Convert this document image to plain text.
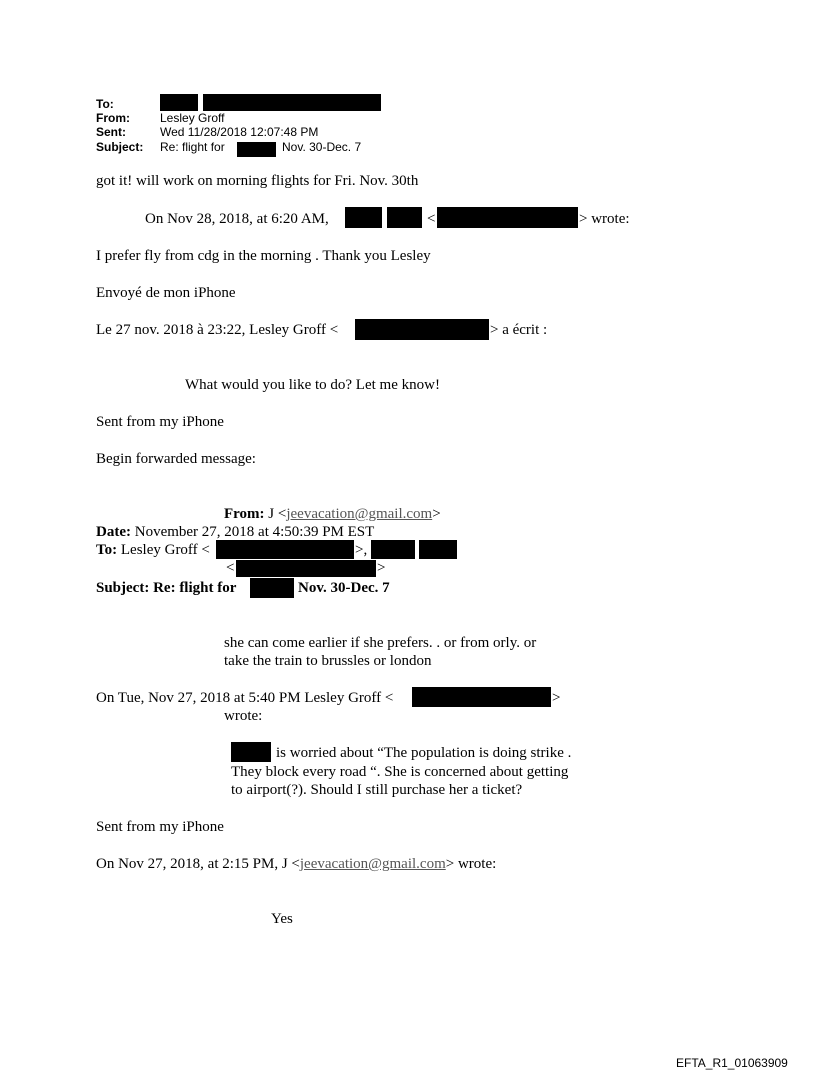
To:
From:	Lesley Groff
Sent:	Wed 11/28/2018 12:07:48 PM
Subject: Re: flight for	Nov. 30-Dec. 7
got it! will work on morning flights for Fri. Nov. 30th
On Nov 28, 2018, at 6:20 AM,	<	> wrote:
I prefer fly from cdg in the morning . Thank you Lesley
Envoyé de mon iPhone
Le 27 nov. 2018 à 23:22, Lesley Groff <	> a écrit :
What would you like to do? Let me know!
Sent from my iPhone
Begin forwarded message:
From: J <jeevacation@gmail.com>
Date: November 27, 2018 at 4:50:39 PM EST
To: Lesley Groff <	>,
<	>
Subject: Re: flight for	Nov. 30-Dec. 7
she can come earlier if she prefers. . or from orly. or
take the train to brussles or london
On Tue, Nov 27, 2018 at 5:40 PM Lesley Groff <	>
wrote:
is worried about “The population is doing strike .
They block every road “. She is concerned about getting
to airport(?). Should I still purchase her a ticket?
Sent from my iPhone
On Nov 27, 2018, at 2:15 PM, J <jeevacation@gmail.com> wrote:
Yes
EFTA_R1_01063909
